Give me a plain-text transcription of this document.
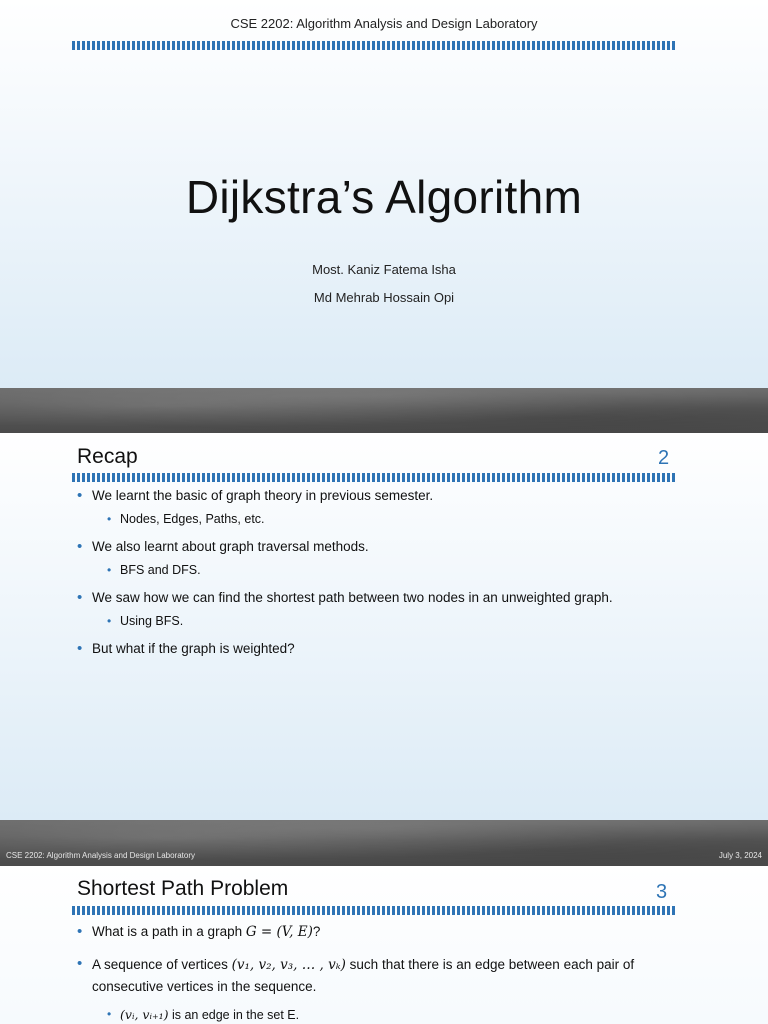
CSE 2202: Algorithm Analysis and Design Laboratory
Dijkstra’s Algorithm
Most. Kaniz Fatema Isha
Md Mehrab Hossain Opi
Recap	2
• We learnt the basic of graph theory in previous semester.
• Nodes, Edges, Paths, etc.
• We also learnt about graph traversal methods.
• BFS and DFS.
• We saw how we can find the shortest path between two nodes in an unweighted graph.
• Using BFS.
• But what if the graph is weighted?
CSE 2202: Algorithm Analysis and Design Laboratory	July 3, 2024
Shortest Path Problem	3
• What is a path in a graph G = (V, E)?
• A sequence of vertices (v₁, v₂, v₃, … , vₖ) such that there is an edge between each pair of
consecutive vertices in the sequence.
• (vᵢ, vᵢ₊₁) is an edge in the set E.
